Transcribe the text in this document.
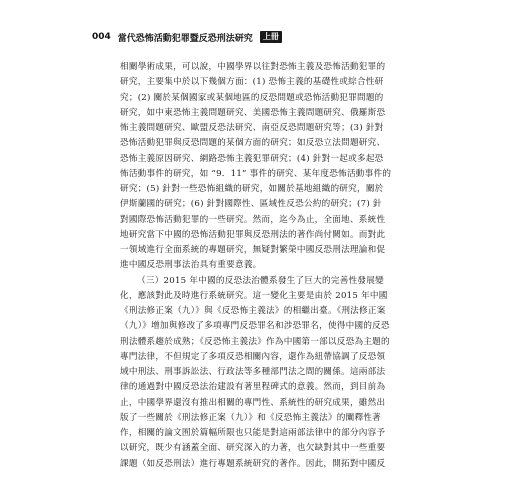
004 當代恐怖活動犯罪暨反恐刑法研究	上冊
相關學術成果，可以說，中國學界以往對恐怖主義及恐怖活動犯罪的
研究，主要集中於以下幾個方面：(1) 恐怖主義的基礎性或綜合性研
究；(2) 關於某個國家或某個地區的反恐問題或恐怖活動犯罪問題的
研究，如中東恐怖主義問題研究、美國恐怖主義問題研究、俄羅斯恐
怖主義問題研究、歐盟反恐法研究、南亞反恐問題研究等；(3) 針對
恐怖活動犯罪與反恐問題的某個方面的研究；如反恐立法問題研究、
恐怖主義原因研究、網路恐怖主義犯罪研究；(4) 針對一起或多起恐
怖活動事件的研究，如 “9．11” 事件的研究、某年度恐怖活動事件的
研究；(5) 針對一些恐怖組織的研究，如關於基地組織的研究，關於
伊斯蘭國的研究；(6) 針對國際性、區域性反恐公約的研究；(7) 針
對國際恐怖活動犯罪的一些研究。然而，迄今為止，全面地、系統性
地研究當下中國的恐怖活動犯罪與反恐刑法的著作尚付闕如。而對此
一領域進行全面系統的專題研究，無疑對繁榮中國反恐刑法理論和促
進中國反恐刑事法治具有重要意義。
（三）2015 年中國的反恐法治體系發生了巨大的完善性發展變
化，應該對此及時進行系統研究。這一變化主要是由於 2015 年中國
《刑法修正案（九）》與《反恐怖主義法》的相繼出臺。《刑法修正案
（九）》增加與修改了多項專門反恐罪名和涉恐罪名，使得中國的反恐
刑法體系趨於成熟；《反恐怖主義法》作為中國第一部以反恐為主題的
專門法律，不但規定了多項反恐相關內容，還作為紐帶協調了反恐領
域中刑法、刑事訴訟法、行政法等多種部門法之間的關係。這兩部法
律的通過對中國反恐法治建設有著里程碑式的意義。然而，到目前為
止，中國學界還沒有推出相關的專門性、系統性的研究成果，雖然出
版了一些關於《刑法修正案（九）》和《反恐怖主義法》的闡釋性著
作，相關的論文囿於篇幅所限也只能是對這兩部法律中的部分內容予
以研究，既少有涵蓋全面、研究深入的力著，也欠缺對其中一些重要
課題（如反恐刑法）進行專題系統研究的著作。因此，開拓對中國反
